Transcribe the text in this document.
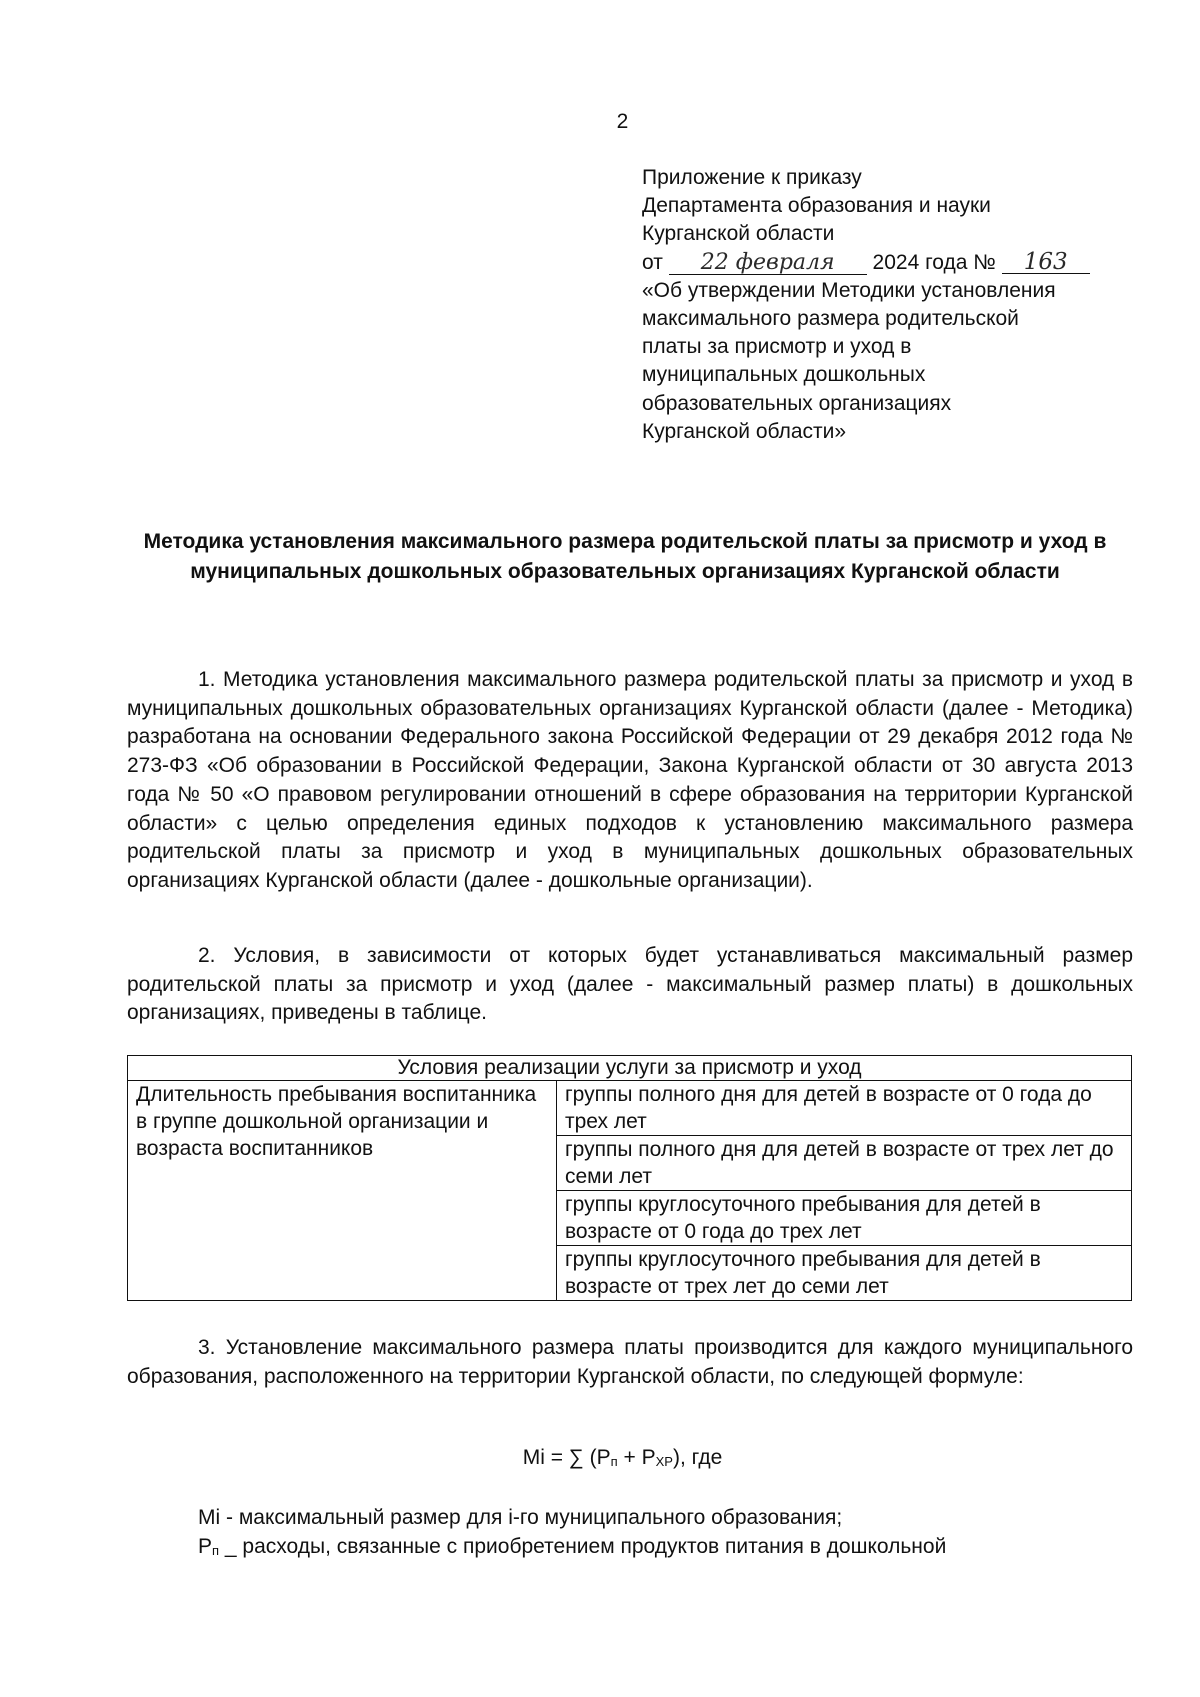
2
Приложение к приказу
Департамента образования и науки
Курганской области
от 22 февраля 2024 года № 163
«Об утверждении Методики установления
максимального размера родительской
платы за присмотр и уход в
муниципальных дошкольных
образовательных организациях
Курганской области»
Методика установления максимального размера родительской платы за присмотр и уход в муниципальных дошкольных образовательных организациях Курганской области

1. Методика установления максимального размера родительской платы за присмотр и уход в муниципальных дошкольных образовательных организациях Курганской области (далее - Методика) разработана на основании Федерального закона Российской Федерации от 29 декабря 2012 года № 273-ФЗ «Об образовании в Российской Федерации, Закона Курганской области от 30 августа 2013 года № 50 «О правовом регулировании отношений в сфере образования на территории Курганской области» с целью определения единых подходов к установлению максимального размера родительской платы за присмотр и уход в муниципальных дошкольных образовательных организациях Курганской области (далее - дошкольные организации).

2. Условия, в зависимости от которых будет устанавливаться максимальный размер родительской платы за присмотр и уход (далее - максимальный размер платы) в дошкольных организациях, приведены в таблице.

Условия реализации услуги за присмотр и уход
Длительность пребывания воспитанника в группе дошкольной организации и возраста воспитанников	группы полного дня для детей в возрасте от 0 года до трех лет
группы полного дня для детей в возрасте от трех лет до семи лет
группы круглосуточного пребывания для детей в возрасте от 0 года до трех лет
группы круглосуточного пребывания для детей в возрасте от трех лет до семи лет

3. Установление максимального размера платы производится для каждого муниципального образования, расположенного на территории Курганской области, по следующей формуле:

Mi = ∑ $(P_п + P_{ХР})$, где

Mi - максимальный размер для i-го муниципального образования;

$P_п$ _ расходы, связанные с приобретением продуктов питания в дошкольной
